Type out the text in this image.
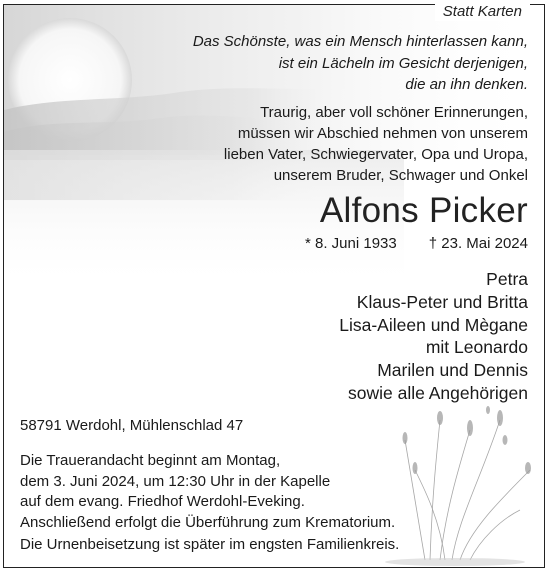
Statt Karten
Das Schönste, was ein Mensch hinterlassen kann,
ist ein Lächeln im Gesicht derjenigen,
die an ihn denken.
Traurig, aber voll schöner Erinnerungen,
müssen wir Abschied nehmen von unserem
lieben Vater, Schwiegervater, Opa und Uropa,
unserem Bruder, Schwager und Onkel
Alfons Picker
* 8. Juni 1933 † 23. Mai 2024
Petra
Klaus-Peter und Britta
Lisa-Aileen und Mègane
mit Leonardo
Marilen und Dennis
sowie alle Angehörigen
58791 Werdohl, Mühlenschlad 47
Die Trauerandacht beginnt am Montag,
dem 3. Juni 2024, um 12:30 Uhr in der Kapelle
auf dem evang. Friedhof Werdohl-Eveking.
Anschließend erfolgt die Überführung zum Krematorium.
Die Urnenbeisetzung ist später im engsten Familienkreis.
